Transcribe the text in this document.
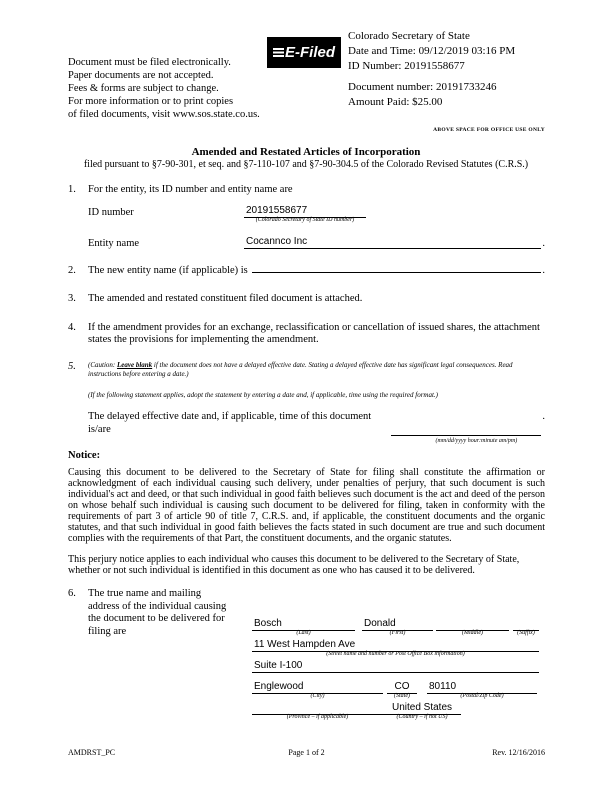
Document must be filed electronically.
Paper documents are not accepted.
Fees & forms are subject to change.
For more information or to print copies
of filed documents, visit www.sos.state.co.us.
E-Filed
Colorado Secretary of State
Date and Time: 09/12/2019 03:16 PM
ID Number: 20191558677
Document number: 20191733246
Amount Paid: $25.00
ABOVE SPACE FOR OFFICE USE ONLY
Amended and Restated Articles of Incorporation
filed pursuant to §7-90-301, et seq. and §7-110-107 and §7-90-304.5 of the Colorado Revised Statutes (C.R.S.)
1.	For the entity, its ID number and entity name are
ID number	20191558677
(Colorado Secretary of State ID number)
Entity name	Cocannco Inc	.
2.	The new entity name (if applicable) is	.
3.	The amended and restated constituent filed document is attached.
4.	If the amendment provides for an exchange, reclassification or cancellation of issued shares, the attachment states the provisions for implementing the amendment.
5.	(Caution: Leave blank if the document does not have a delayed effective date. Stating a delayed effective date has significant legal consequences. Read instructions before entering a date.)
(If the following statement applies, adopt the statement by entering a date and, if applicable, time using the required format.)
The delayed effective date and, if applicable, time of this document is/are
(mm/dd/yyyy hour:minute am/pm)
.
Notice:
Causing this document to be delivered to the Secretary of State for filing shall constitute the affirmation or acknowledgment of each individual causing such delivery, under penalties of perjury, that such document is such individual's act and deed, or that such individual in good faith believes such document is the act and deed of the person on whose behalf such individual is causing such document to be delivered for filing, taken in conformity with the requirements of part 3 of article 90 of title 7, C.R.S. and, if applicable, the constituent documents and the organic statutes, and that such individual in good faith believes the facts stated in such document are true and such document complies with the requirements of that Part, the constituent documents, and the organic statutes.
This perjury notice applies to each individual who causes this document to be delivered to the Secretary of State, whether or not such individual is identified in this document as one who has caused it to be delivered.
6.	The true name and mailing address of the individual causing the document to be delivered for filing are
Bosch
(Last)
Donald
(First)	(Middle)	(Suffix)
11 West Hampden Ave
(Street name and number or Post Office Box information)
Suite I-100
Englewood
(City)
CO
(State)
80110
(Postal/Zip Code)
(Province – if applicable)
United States
(Country – if not US)
AMDRST_PC	Page 1 of 2	Rev. 12/16/2016
